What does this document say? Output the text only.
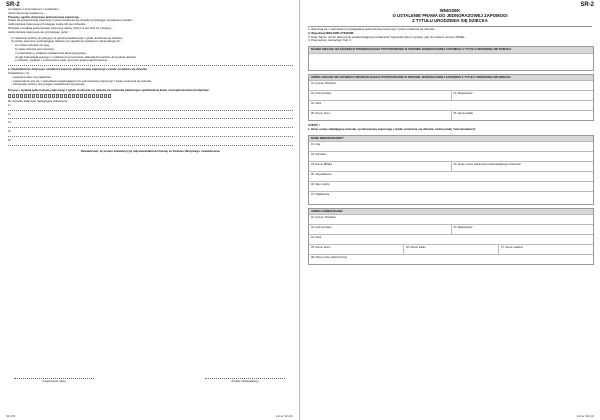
SR-2
a) związku z korzystaniem z mobilności...
Jeżeli zapomogi wypłacono...
Przepisy ogólne dotyczące jednorazowej zapomogi...
Prawo do jednorazowej zapomogi z tytułu urodzenia się dziecka przysługuje obywatelom polskim...
Jednorazowa zapomoga przysługuje matce lub ojcu dziecka...
Wniosek o wypłatę jednorazowej zapomogi należy złożyć w terminie 12 miesięcy...
Jednorazowa zapomoga nie przysługuje, jeżeli:
1) członkowi rodziny przysługuje za granicą świadczenie z tytułu urodzenia się dziecka...
2) osobie samotnie wychowującej dziecko nie zasądzono świadczeń alimentacyjnych...
a) rodzice dziecka nie żyją,
b) ojciec dziecka jest nieznany,
c) powództwo o ustalenie świadczenia alimentacyjnego...
d) sąd zobowiązał jednego z rodziców do ponoszenia całkowitych kosztów utrzymania dziecka,
e) dziecko, zgodnie z orzeczeniem sądu, jest pod opieką naprzemienną...
2. Oświadczenie dotyczące ustalenia prawa do jednorazowej zapomogi z tytułu urodzenia się dziecka
Oświadczam, że:
- powyższe dane są prawdziwe,
- zapoznałem(-am) się z warunkami uprawniającymi do jednorazowej zapomogi z tytułu urodzenia się dziecka,
- członkowie rodziny otrzymujący świadczenia za granicą...
Proszę o wypłatę jednorazowej zapomogi z tytułu urodzenia się dziecka na rachunek bankowy/w spółdzielczej kasie oszczędnościowo-kredytowej:
Do wniosku dołączam następujące dokumenty:
1)
2)
3)
4)
5)
Oświadczam, że jestem świadomy(-a) odpowiedzialności karnej za złożenie fałszywego oświadczenia.
(miejscowość, data)	(Podpis wnioskodawcy)
SR-2/09	strona: SR-2(4)
SR-2
WNIOSEK
O USTALENIE PRAWA DO JEDNORAZOWEJ ZAPOMOGI
Z TYTUŁU URODZENIA SIĘ DZIECKA
1. Zapoznaj się z warunkami przysługiwania jednorazowej zapomogi z tytułu urodzenia się dziecka...
2. Wypełniaj WIELKIMI LITERAMI.
3. Pola "Seria i numer dokumentu potwierdzającego tożsamość" wypełniaj tylko w sytuacji, gdy nie nadano numeru PESEL.
4. Pola wyboru zaznaczaj X lub V.
NAZWA ORGANU WŁAŚCIWEGO PROWADZĄCEGO POSTĘPOWANIE W SPRAWIE JEDNORAZOWEJ ZAPOMOGI Z TYTUŁU URODZENIA SIĘ DZIECKA
ADRES ORGANU WŁAŚCIWEGO PROWADZĄCEGO POSTĘPOWANIE W SPRAWIE JEDNORAZOWEJ ZAPOMOGI Z TYTUŁU URODZENIA SIĘ DZIECKA
01. Gmina / Dzielnica
02. Kod pocztowy	03. Miejscowość
04. Ulica
05. Numer domu	06. Numer lokalu
CZĘŚĆ I
1. Dane osoby składającej wniosek o jednorazową zapomogę z tytułu urodzenia się dziecka, zwanej dalej "wnioskodawcą"
DANE WNIOSKODAWCY
01. Imię
02. Nazwisko
03. Numer PESEL	04. Seria i numer dokumentu potwierdzającego tożsamość
05. Obywatelstwo
06. Stan cywilny
07. Wyjaśnienie
ADRES ZAMIESZKANIA
01. Gmina / Dzielnica
02. Kod pocztowy	03. Miejscowość
04. Ulica
05. Numer domu	06. Numer lokalu	07. Numer telefonu
08. Adres poczty elektronicznej
strona: SR-2(1)
